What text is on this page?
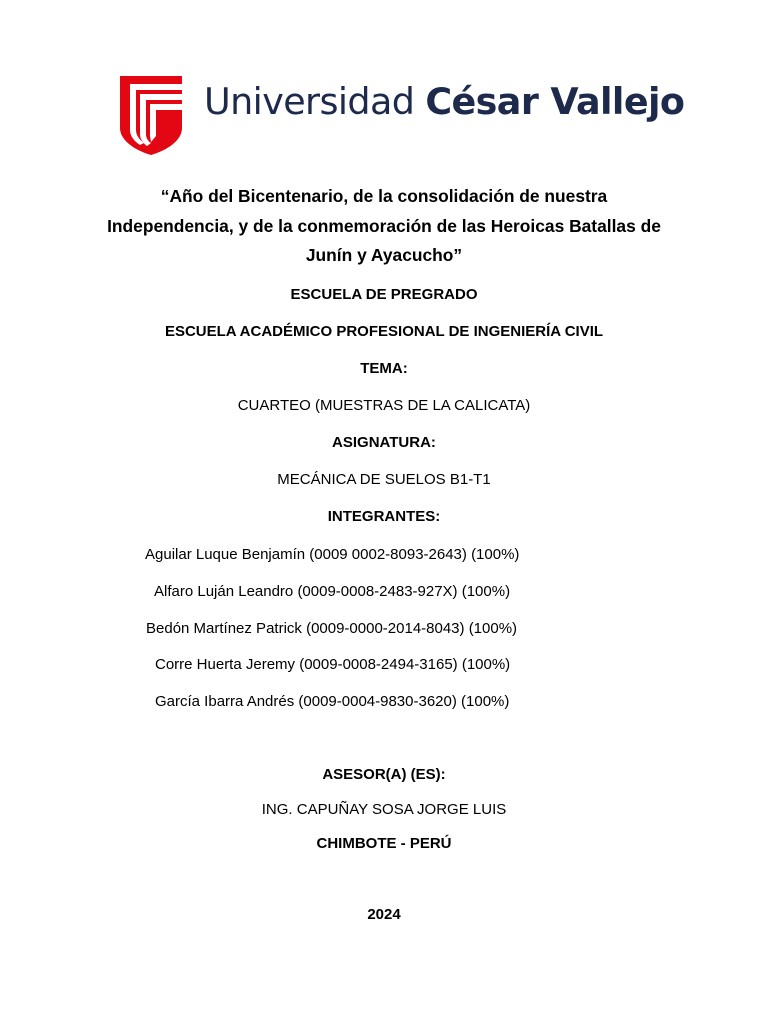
Universidad César Vallejo
“Año del Bicentenario, de la consolidación de nuestra Independencia, y de la conmemoración de las Heroicas Batallas de Junín y Ayacucho”
ESCUELA DE PREGRADO
ESCUELA ACADÉMICO PROFESIONAL DE INGENIERÍA CIVIL
TEMA:
CUARTEO (MUESTRAS DE LA CALICATA)
ASIGNATURA:
MECÁNICA DE SUELOS B1-T1
INTEGRANTES:
Aguilar Luque Benjamín (0009 0002-8093-2643) (100%)
Alfaro Luján Leandro (0009-0008-2483-927X) (100%)
Bedón Martínez Patrick (0009-0000-2014-8043) (100%)
Corre Huerta Jeremy (0009-0008-2494-3165) (100%)
García Ibarra Andrés (0009-0004-9830-3620) (100%)
ASESOR(A) (ES):
ING. CAPUÑAY SOSA JORGE LUIS
CHIMBOTE - PERÚ
2024
